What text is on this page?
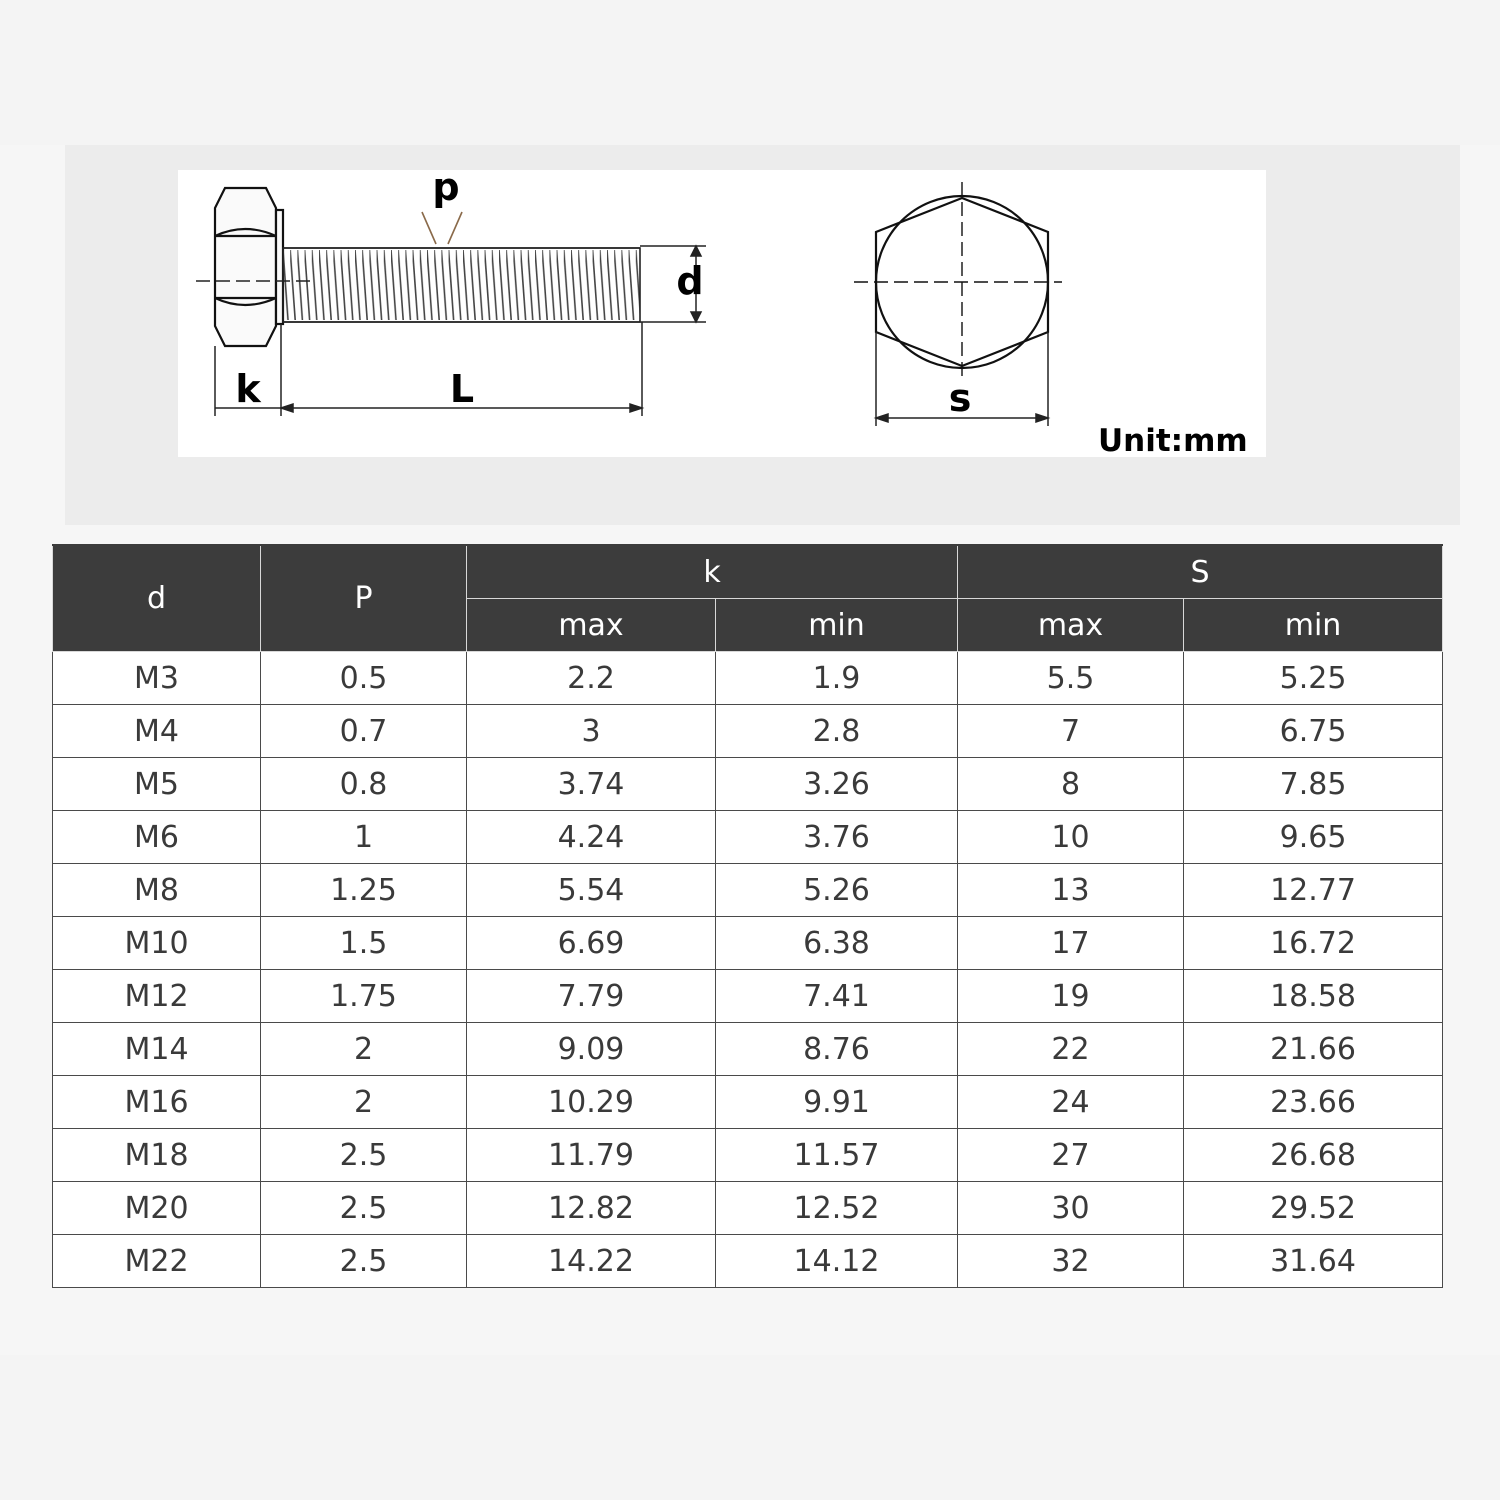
p
d
k	L	s
Unit:mm
d	P	k		S	
		max	min	max	min
M3	0.5	2.2	1.9	5.5	5.25
M4	0.7	3	2.8	7	6.75
M5	0.8	3.74	3.26	8	7.85
M6	1	4.24	3.76	10	9.65
M8	1.25	5.54	5.26	13	12.77
M10	1.5	6.69	6.38	17	16.72
M12	1.75	7.79	7.41	19	18.58
M14	2	9.09	8.76	22	21.66
M16	2	10.29	9.91	24	23.66
M18	2.5	11.79	11.57	27	26.68
M20	2.5	12.82	12.52	30	29.52
M22	2.5	14.22	14.12	32	31.64
